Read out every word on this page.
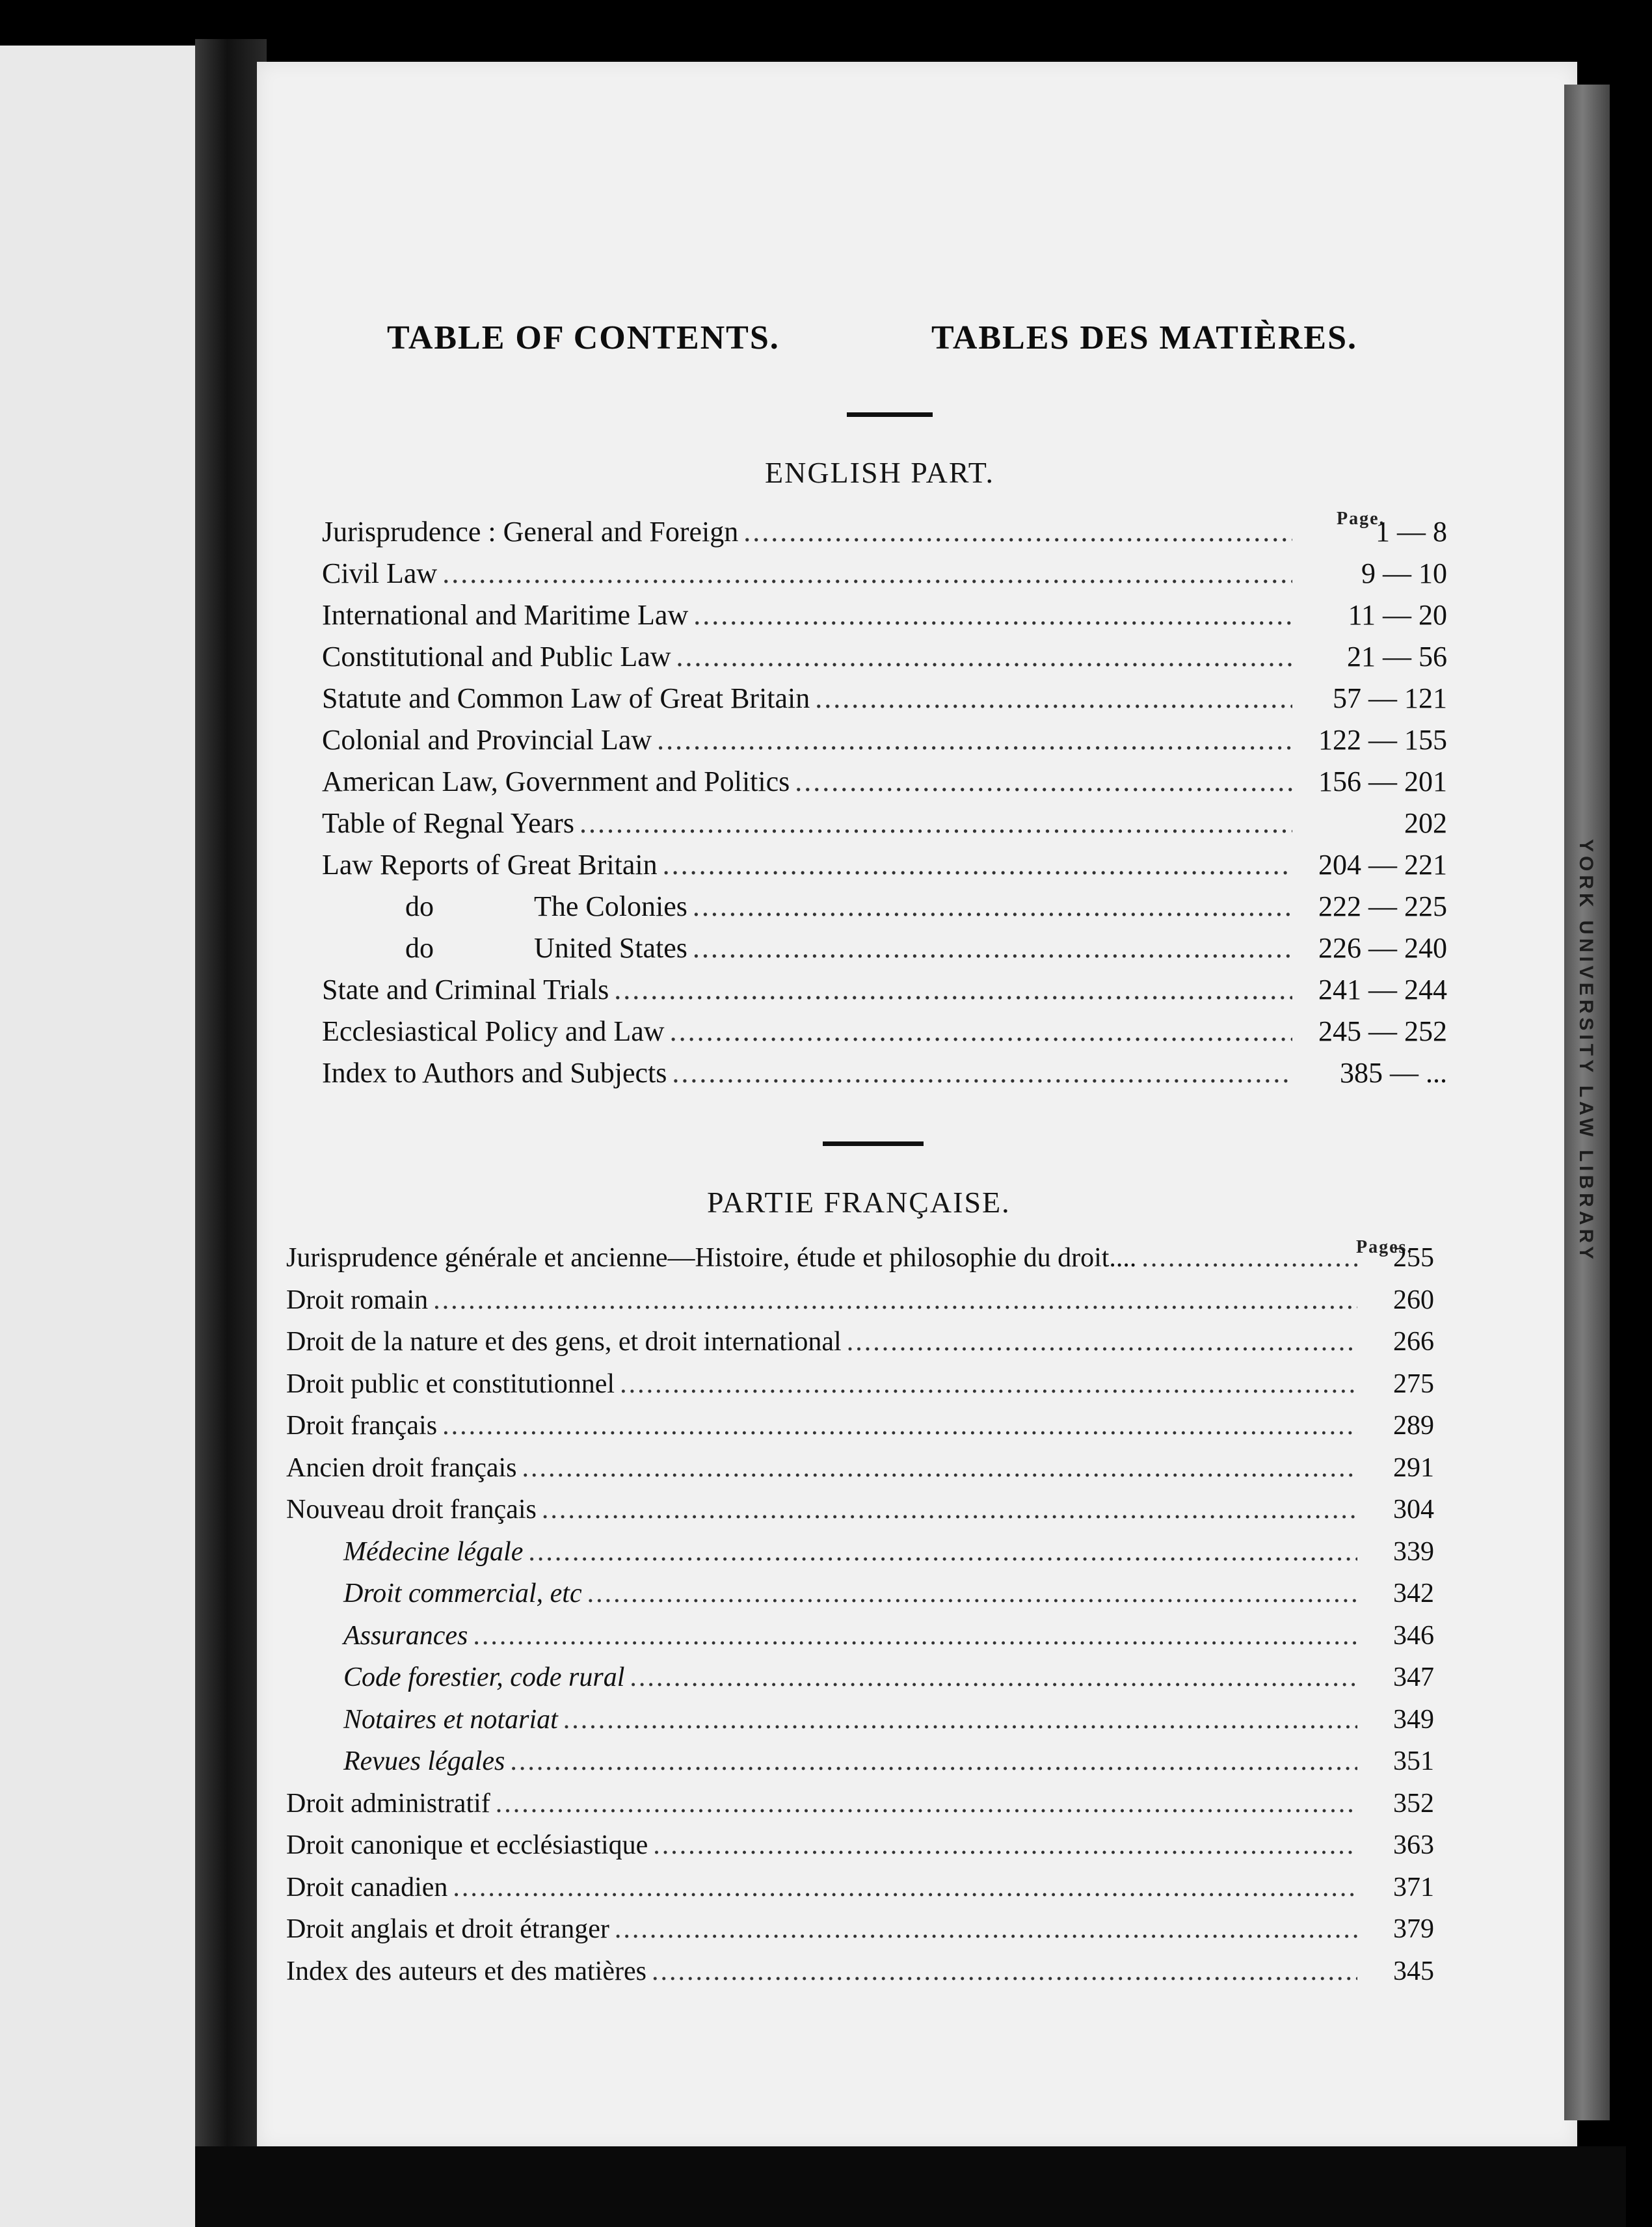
YORK UNIVERSITY LAW LIBRARY
TABLE OF CONTENTS.	TABLES DES MATIÈRES.
ENGLISH PART.
Page.
Jurisprudence : General and Foreign .....	1 — 8
Civil Law .....	9 — 10
International and Maritime Law .....	11 — 20
Constitutional and Public Law .....	21 — 56
Statute and Common Law of Great Britain .....	57 — 121
Colonial and Provincial Law .....	122 — 155
American Law, Government and Politics .....	156 — 201
Table of Regnal Years .....	202
Law Reports of Great Britain .....	204 — 221
do	The Colonies .....	222 — 225
do	United States .....	226 — 240
State and Criminal Trials .....	241 — 244
Ecclesiastical Policy and Law .....	245 — 252
Index to Authors and Subjects .....	385 — ...
PARTIE FRANÇAISE.
Pages.
Jurisprudence générale et ancienne—Histoire, étude et philosophie du droit.... .....	255
Droit romain .....	260
Droit de la nature et des gens, et droit international .....	266
Droit public et constitutionnel .....	275
Droit français .....	289
Ancien droit français .....	291
Nouveau droit français .....	304
Médecine légale .....	339
Droit commercial, etc .....	342
Assurances .....	346
Code forestier, code rural .....	347
Notaires et notariat .....	349
Revues légales .....	351
Droit administratif .....	352
Droit canonique et ecclésiastique .....	363
Droit canadien .....	371
Droit anglais et droit étranger .....	379
Index des auteurs et des matières .....	345
